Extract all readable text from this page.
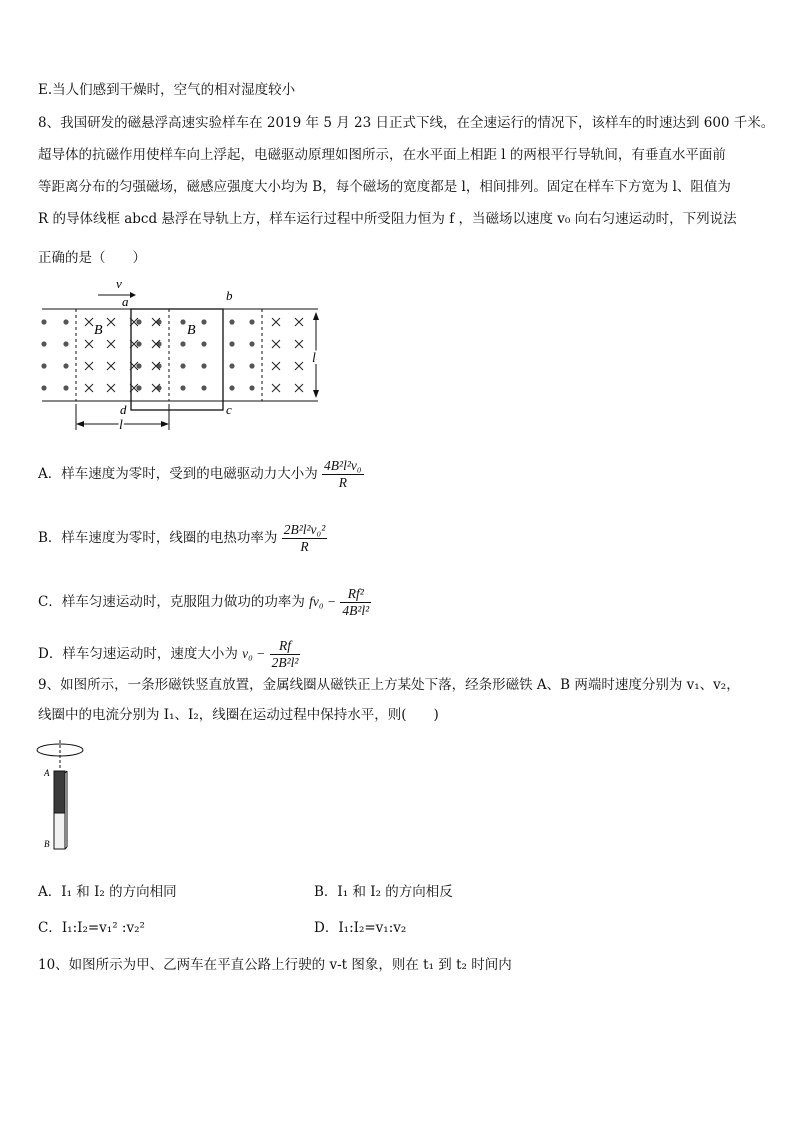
E.当人们感到干燥时，空气的相对湿度较小
8、我国研发的磁悬浮高速实验样车在 2019 年 5 月 23 日正式下线，在全速运行的情况下，该样车的时速达到 600 千米。
超导体的抗磁作用使样车向上浮起，电磁驱动原理如图所示，在水平面上相距 l 的两根平行导轨间，有垂直水平面前
等距离分布的匀强磁场，磁感应强度大小均为 B，每个磁场的宽度都是 l，相间排列。固定在样车下方宽为 l、阻值为
R 的导体线框 abcd 悬浮在导轨上方，样车运行过程中所受阻力恒为 f ，当磁场以速度 v₀ 向右匀速运动时，下列说法
正确的是（　　）
v
a	b
B	B
d	c
l
l
A．样车速度为零时，受到的电磁驱动力大小为 $\frac{\text{4B²l²v₀}}{R}$
B．样车速度为零时，线圈的电热功率为 $\frac{\text{2B²l²v₀²}}{R}$
C．样车匀速运动时，克服阻力做功的功率为 $fv_0 - \frac{\text{Rf²}}{\text{4B²l²}}$
D．样车匀速运动时，速度大小为 $v_0 - \frac{Rf}{\text{2B²l²}}$
9、如图所示，一条形磁铁竖直放置，金属线圈从磁铁正上方某处下落，经条形磁铁 A、B 两端时速度分别为 v₁、v₂，
线圈中的电流分别为 I₁、I₂，线圈在运动过程中保持水平，则(　　)
A
B
A．I₁ 和 I₂ 的方向相同	B．I₁ 和 I₂ 的方向相反
C．I₁:I₂=v₁² :v₂²	D．I₁:I₂=v₁:v₂
10、如图所示为甲、乙两车在平直公路上行驶的 v-t 图象，则在 t₁ 到 t₂ 时间内
